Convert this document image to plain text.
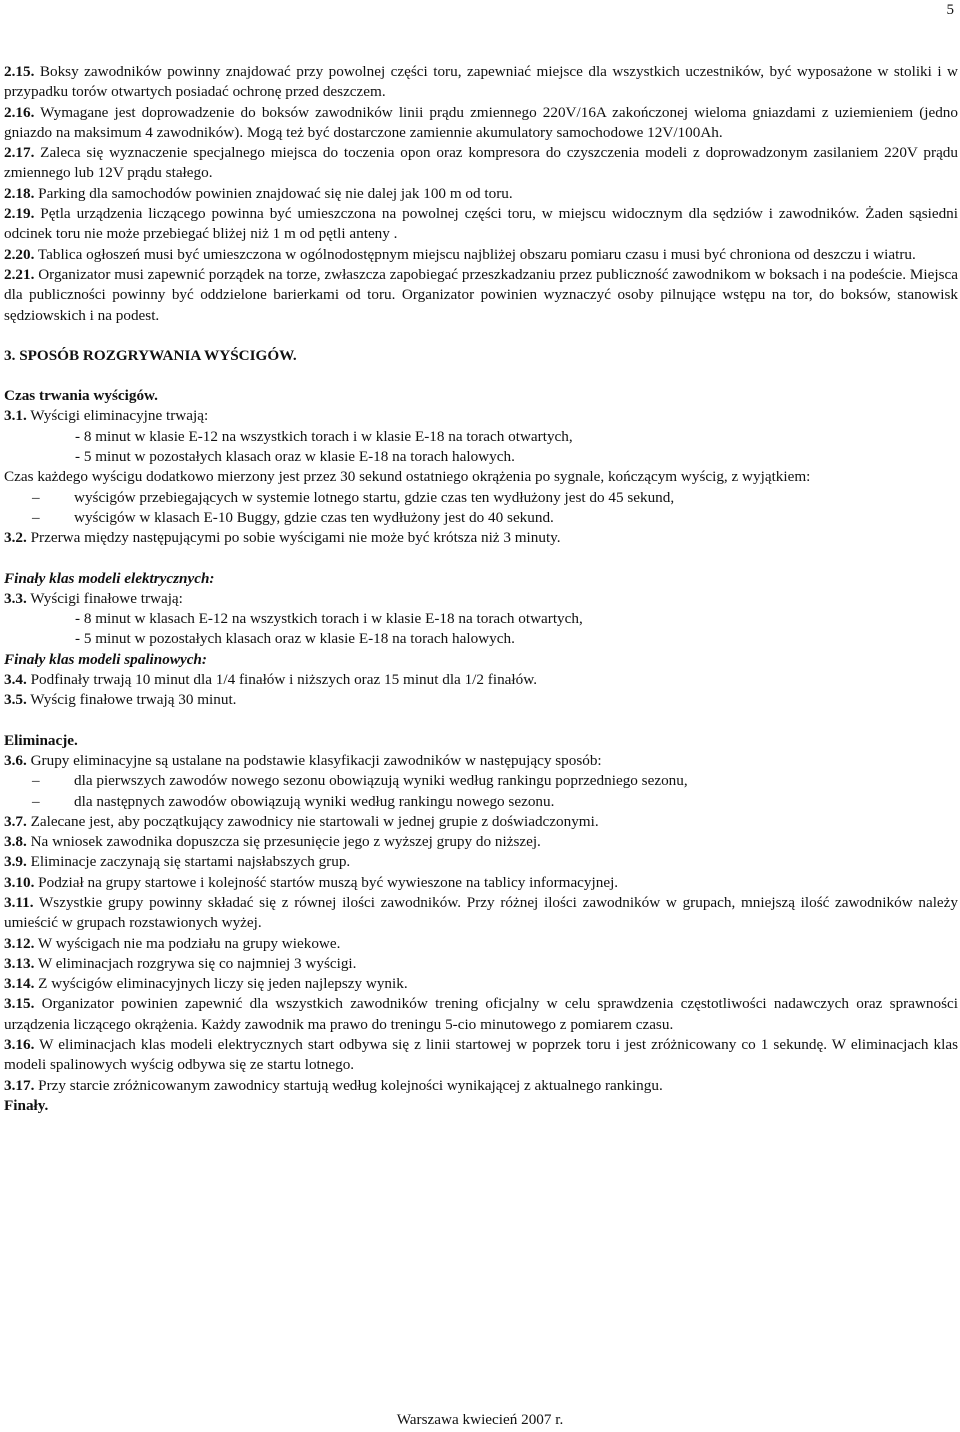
5

2.15. Boksy zawodników powinny znajdować przy powolnej części toru, zapewniać miejsce dla wszystkich uczestników, być wyposażone w stoliki i w przypadku torów otwartych posiadać ochronę przed deszczem.

2.16. Wymagane jest doprowadzenie do boksów zawodników linii prądu zmiennego 220V/16A zakończonej wieloma gniazdami z uziemieniem (jedno gniazdo na maksimum 4 zawodników). Mogą też być dostarczone zamiennie akumulatory samochodowe 12V/100Ah.

2.17. Zaleca się wyznaczenie specjalnego miejsca do toczenia opon oraz kompresora do czyszczenia modeli z doprowadzonym zasilaniem 220V prądu zmiennego lub 12V prądu stałego.

2.18. Parking dla samochodów powinien znajdować się nie dalej jak 100 m od toru.

2.19. Pętla urządzenia liczącego powinna być umieszczona na powolnej części toru, w miejscu widocznym dla sędziów i zawodników. Żaden sąsiedni odcinek toru nie może przebiegać bliżej niż 1 m od pętli anteny .

2.20. Tablica ogłoszeń musi być umieszczona w ogólnodostępnym miejscu najbliżej obszaru pomiaru czasu i musi być chroniona od deszczu i wiatru.

2.21. Organizator musi zapewnić porządek na torze, zwłaszcza zapobiegać przeszkadzaniu przez publiczność zawodnikom w boksach i na podeście. Miejsca dla publiczności powinny być oddzielone barierkami od toru. Organizator powinien wyznaczyć osoby pilnujące wstępu na tor, do boksów, stanowisk sędziowskich i na podest.

3. SPOSÓB ROZGRYWANIA WYŚCIGÓW.

Czas trwania wyścigów.

3.1. Wyścigi eliminacyjne trwają:

- 8 minut w klasie E-12 na wszystkich torach i w klasie E-18 na torach otwartych,

- 5 minut w pozostałych klasach oraz w klasie E-18 na torach halowych.

Czas każdego wyścigu dodatkowo mierzony jest przez 30 sekund ostatniego okrążenia po sygnale, kończącym wyścig, z wyjątkiem:

– wyścigów przebiegających w systemie lotnego startu, gdzie czas ten wydłużony jest do 45 sekund,

– wyścigów w klasach E-10 Buggy, gdzie czas ten wydłużony jest do 40 sekund.

3.2. Przerwa między następującymi po sobie wyścigami nie może być krótsza niż 3 minuty.

Finały klas modeli elektrycznych:

3.3. Wyścigi finałowe trwają:

- 8 minut w klasach E-12 na wszystkich torach i w klasie E-18 na torach otwartych,

- 5 minut w pozostałych klasach oraz w klasie E-18 na torach halowych.

Finały klas modeli spalinowych:

3.4. Podfinały trwają 10 minut dla 1/4 finałów i niższych oraz 15 minut dla 1/2 finałów.

3.5. Wyścig finałowe trwają 30 minut.

Eliminacje.

3.6. Grupy eliminacyjne są ustalane na podstawie klasyfikacji zawodników w następujący sposób:

– dla pierwszych zawodów nowego sezonu obowiązują wyniki według rankingu poprzedniego sezonu,

– dla następnych zawodów obowiązują wyniki według rankingu nowego sezonu.

3.7. Zalecane jest, aby początkujący zawodnicy nie startowali w jednej grupie z doświadczonymi.

3.8. Na wniosek zawodnika dopuszcza się przesunięcie jego z wyższej grupy do niższej.

3.9. Eliminacje zaczynają się startami najsłabszych grup.

3.10. Podział na grupy startowe i kolejność startów muszą być wywieszone na tablicy informacyjnej.

3.11. Wszystkie grupy powinny składać się z równej ilości zawodników. Przy różnej ilości zawodników w grupach, mniejszą ilość zawodników należy umieścić w grupach rozstawionych wyżej.

3.12. W wyścigach nie ma podziału na grupy wiekowe.

3.13. W eliminacjach rozgrywa się co najmniej 3 wyścigi.

3.14. Z wyścigów eliminacyjnych liczy się jeden najlepszy wynik.

3.15. Organizator powinien zapewnić dla wszystkich zawodników trening oficjalny w celu sprawdzenia częstotliwości nadawczych oraz sprawności urządzenia liczącego okrążenia. Każdy zawodnik ma prawo do treningu 5-cio minutowego z pomiarem czasu.

3.16. W eliminacjach klas modeli elektrycznych start odbywa się z linii startowej w poprzek toru i jest zróżnicowany co 1 sekundę. W eliminacjach klas modeli spalinowych wyścig odbywa się ze startu lotnego.

3.17. Przy starcie zróżnicowanym zawodnicy startują według kolejności wynikającej z aktualnego rankingu.

Finały.

Warszawa kwiecień 2007 r.
